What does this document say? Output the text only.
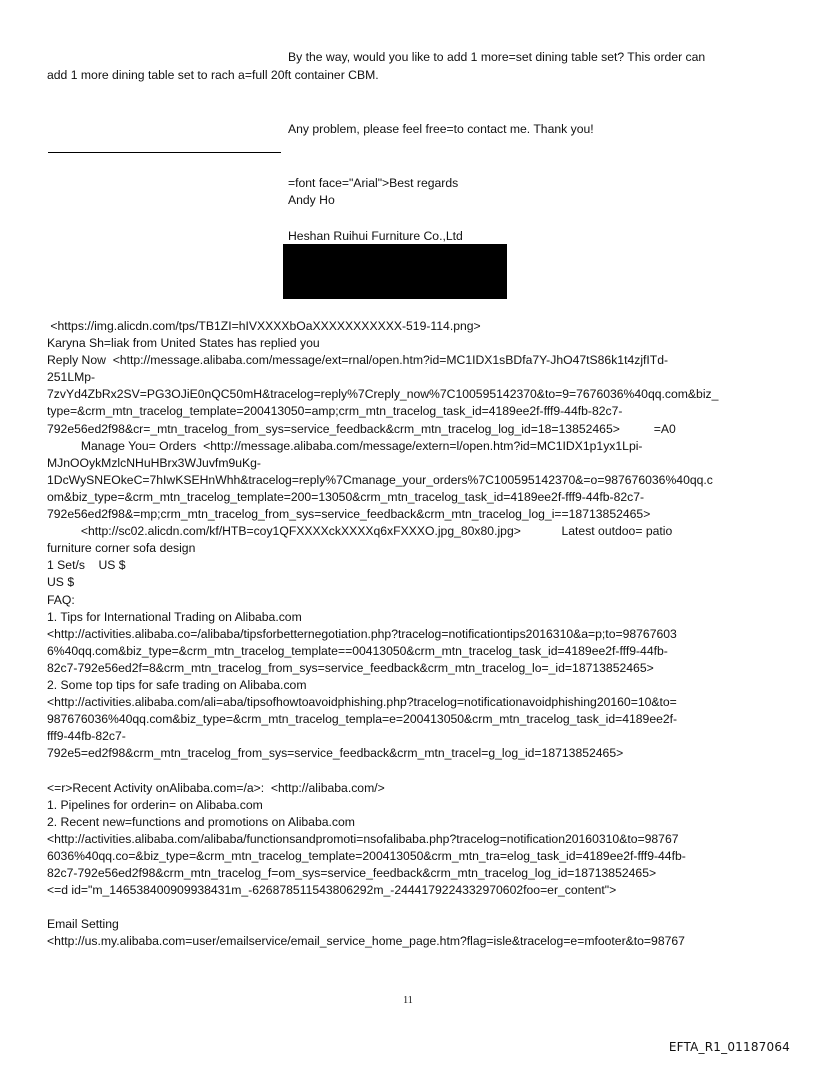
By the way, would you like to add 1 more=set dining table set? This order can
add 1 more dining table set to rach a=full 20ft container CBM.
Any problem, please feel free=to contact me. Thank you!
=font face="Arial">Best regards
Andy Ho
Heshan Ruihui Furniture Co.,Ltd
<https://img.alicdn.com/tps/TB1ZI=hIVXXXXbOaXXXXXXXXXXX-519-114.png>
Karyna Sh=liak from United States has replied you
Reply Now  <http://message.alibaba.com/message/ext=rnal/open.htm?id=MC1IDX1sBDfa7Y-JhO47tS86k1t4zjfITd-
251LMp-
7zvYd4ZbRx2SV=PG3OJiE0nQC50mH&tracelog=reply%7Creply_now%7C100595142370&to=9=7676036%40qq.com&biz_
type=&crm_mtn_tracelog_template=200413050=amp;crm_mtn_tracelog_task_id=4189ee2f-fff9-44fb-82c7-
792e56ed2f98&cr=_mtn_tracelog_from_sys=service_feedback&crm_mtn_tracelog_log_id=18=13852465>          =A0
Manage You= Orders  <http://message.alibaba.com/message/extern=l/open.htm?id=MC1IDX1p1yx1Lpi-
MJnOOykMzlcNHuHBrx3WJuvfm9uKg-
1DcWySNEOkeC=7hIwKSEHnWhh&tracelog=reply%7Cmanage_your_orders%7C100595142370&=o=987676036%40qq.c
om&biz_type=&crm_mtn_tracelog_template=200=13050&crm_mtn_tracelog_task_id=4189ee2f-fff9-44fb-82c7-
792e56ed2f98&=mp;crm_mtn_tracelog_from_sys=service_feedback&crm_mtn_tracelog_log_i==18713852465>
<http://sc02.alicdn.com/kf/HTB=coy1QFXXXXckXXXXq6xFXXXO.jpg_80x80.jpg>            Latest outdoo= patio
furniture corner sofa design
1 Set/s    US $
US $
FAQ:
1. Tips for International Trading on Alibaba.com
<http://activities.alibaba.co=/alibaba/tipsforbetternegotiation.php?tracelog=notificationtips2016310&a=p;to=98767603
6%40qq.com&biz_type=&crm_mtn_tracelog_template==00413050&crm_mtn_tracelog_task_id=4189ee2f-fff9-44fb-
82c7-792e56ed2f=8&crm_mtn_tracelog_from_sys=service_feedback&crm_mtn_tracelog_lo=_id=18713852465>
2. Some top tips for safe trading on Alibaba.com
<http://activities.alibaba.com/ali=aba/tipsofhowtoavoidphishing.php?tracelog=notificationavoidphishing20160=10&to=
987676036%40qq.com&biz_type=&crm_mtn_tracelog_templa=e=200413050&crm_mtn_tracelog_task_id=4189ee2f-
fff9-44fb-82c7-
792e5=ed2f98&crm_mtn_tracelog_from_sys=service_feedback&crm_mtn_tracel=g_log_id=18713852465>
<=r>Recent Activity onAlibaba.com=/a>:  <http://alibaba.com/>
1. Pipelines for orderin= on Alibaba.com
2. Recent new=functions and promotions on Alibaba.com
<http://activities.alibaba.com/alibaba/functionsandpromoti=nsofalibaba.php?tracelog=notification20160310&to=98767
6036%40qq.co=&biz_type=&crm_mtn_tracelog_template=200413050&crm_mtn_tra=elog_task_id=4189ee2f-fff9-44fb-
82c7-792e56ed2f98&crm_mtn_tracelog_f=om_sys=service_feedback&crm_mtn_tracelog_log_id=18713852465>
<=d id="m_146538400909938431m_-626878511543806292m_-2444179224332970602foo=er_content">
Email Setting
<http://us.my.alibaba.com=user/emailservice/email_service_home_page.htm?flag=isle&tracelog=e=mfooter&to=98767
11
EFTA_R1_01187064
